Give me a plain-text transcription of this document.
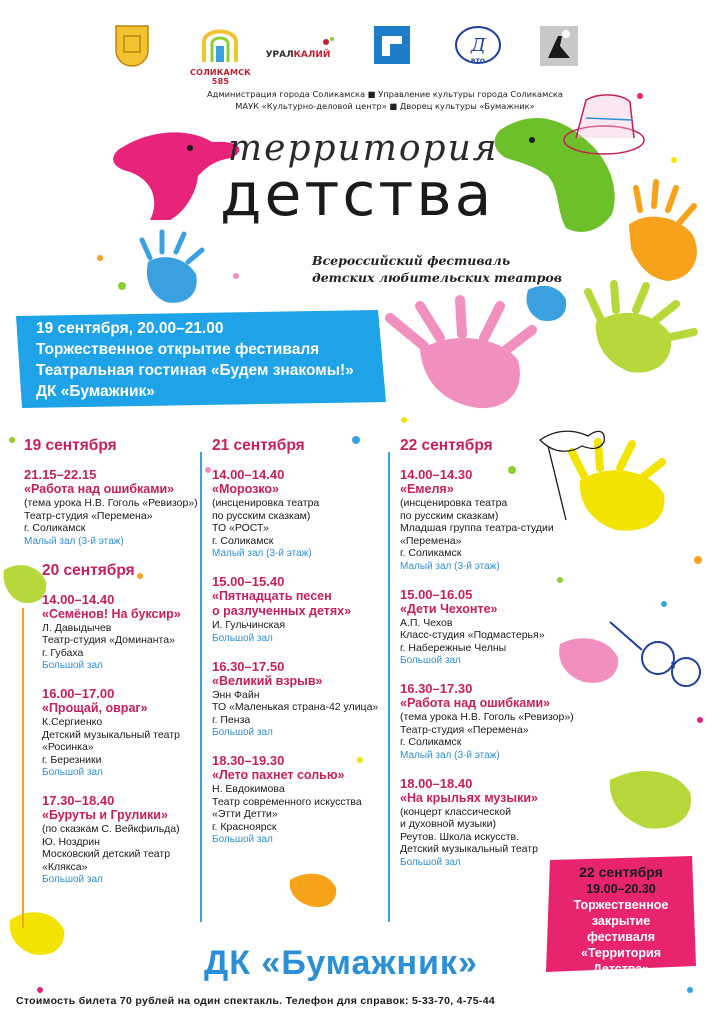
СОЛИКАМСК
585
УРАЛКАЛИЙ	Д
ВТО
Администрация города Соликамска ■ Управление культуры города Соликамска
МАУК «Культурно-деловой центр» ■ Дворец культуры «Бумажник»
территория
детства
Всероссийский фестиваль детских любительских театров
19 сентября, 20.00–21.00
Торжественное открытие фестиваля
Театральная гостиная «Будем знакомы!»
ДК «Бумажник»
19 сентября
21.15–22.15
«Работа над ошибками»
(тема урока Н.В. Гоголь «Ревизор»)
Театр-студия «Перемена»
г. Соликамск
Малый зал (3-й этаж)
20 сентября
14.00–14.40
«Семёнов! На буксир»
Л. Давыдычев
Театр-студия «Доминанта»
г. Губаха
Большой зал
16.00–17.00
«Прощай, овраг»
К.Сергиенко
Детский музыкальный театр
«Росинка»
г. Березники
Большой зал
17.30–18.40
«Буруты и Грулики»
(по сказкам С. Вейкфильда)
Ю. Ноздрин
Московский детский театр
«Клякса»
Большой зал
21 сентября
14.00–14.40
«Морозко»
(инсценировка театра
по русским сказкам)
ТО «РОСТ»
г. Соликамск
Малый зал (3-й этаж)
15.00–15.40
«Пятнадцать песен
о разлученных детях»
И. Гульчинская
Большой зал
16.30–17.50
«Великий взрыв»
Энн Файн
ТО «Маленькая страна-42 улица»
г. Пенза
Большой зал
18.30–19.30
«Лето пахнет солью»
Н. Евдокимова
Театр современного искусства
«Этти Детти»
г. Красноярск
Большой зал
22 сентября
14.00–14.30
«Емеля»
(инсценировка театра
по русским сказкам)
Младшая группа театра-студии
«Перемена»
г. Соликамск
Малый зал (3-й этаж)
15.00–16.05
«Дети Чехонте»
А.П. Чехов
Класс-студия «Подмастерья»
г. Набережные Челны
Большой зал
16.30–17.30
«Работа над ошибками»
(тема урока Н.В. Гоголь «Ревизор»)
Театр-студия «Перемена»
г. Соликамск
Малый зал (3-й этаж)
18.00–18.40
«На крыльях музыки»
(концерт классической
и духовной музыки)
Реутов. Школа искусств.
Детский музыкальный театр
Большой зал
22 сентября
19.00–20.30
Торжественное
закрытие
фестиваля
«Территория
Детства»
ДК «Бумажник»
Стоимость билета 70 рублей на один спектакль. Телефон для справок: 5-33-70, 4-75-44
